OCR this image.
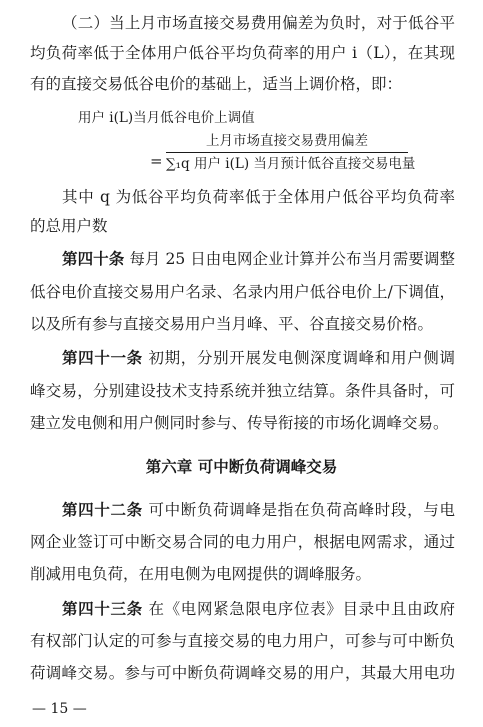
（二）当上月市场直接交易费用偏差为负时，对于低谷平
均负荷率低于全体用户低谷平均负荷率的用户 i（L），在其现
有的直接交易低谷电价的基础上，适当上调价格，即：
用户 i(L)当月低谷电价上调值
=
上月市场直接交易费用偏差
∑₁q 用户 i(L) 当月预计低谷直接交易电量
其中 q 为低谷平均负荷率低于全体用户低谷平均负荷率
的总用户数
第四十条 每月 25 日由电网企业计算并公布当月需要调整
低谷电价直接交易用户名录、名录内用户低谷电价上/下调值，
以及所有参与直接交易用户当月峰、平、谷直接交易价格。
第四十一条 初期，分别开展发电侧深度调峰和用户侧调
峰交易，分别建设技术支持系统并独立结算。条件具备时，可
建立发电侧和用户侧同时参与、传导衔接的市场化调峰交易。
第六章 可中断负荷调峰交易
第四十二条 可中断负荷调峰是指在负荷高峰时段，与电
网企业签订可中断交易合同的电力用户，根据电网需求，通过
削减用电负荷，在用电侧为电网提供的调峰服务。
第四十三条 在《电网紧急限电序位表》目录中且由政府
有权部门认定的可参与直接交易的电力用户，可参与可中断负
荷调峰交易。参与可中断负荷调峰交易的用户，其最大用电功
— 15 —
